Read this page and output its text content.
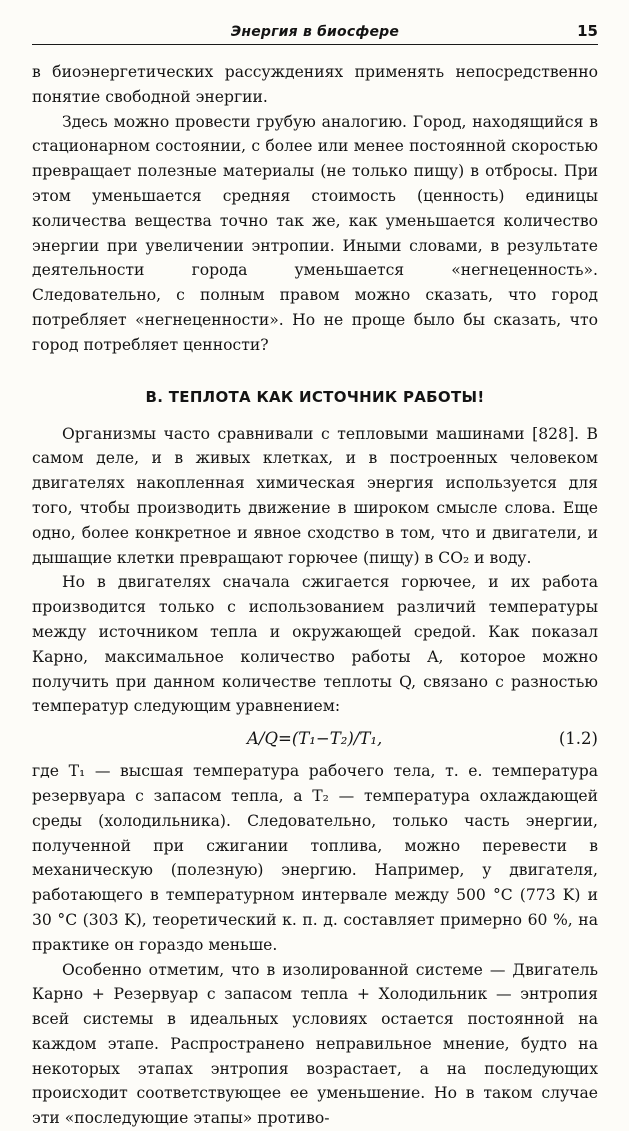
Энергия в биосфере	15

в биоэнергетических рассуждениях применять непосредственно понятие свободной энергии.

Здесь можно провести грубую аналогию. Город, находящийся в стационарном состоянии, с более или менее постоянной скоростью превращает полезные материалы (не только пищу) в отбросы. При этом уменьшается средняя стоимость (ценность) единицы количества вещества точно так же, как уменьшается количество энергии при увеличении энтропии. Иными словами, в результате деятельности города уменьшается «негнеценность». Следовательно, с полным правом можно сказать, что город потребляет «негнеценности». Но не проще было бы сказать, что город потребляет ценности?

В. ТЕПЛОТА КАК ИСТОЧНИК РАБОТЫ!

Организмы часто сравнивали с тепловыми машинами [828]. В самом деле, и в живых клетках, и в построенных человеком двигателях накопленная химическая энергия используется для того, чтобы производить движение в широком смысле слова. Еще одно, более конкретное и явное сходство в том, что и двигатели, и дышащие клетки превращают горючее (пищу) в CO₂ и воду.

Но в двигателях сначала сжигается горючее, и их работа производится только с использованием различий температуры между источником тепла и окружающей средой. Как показал Карно, максимальное количество работы A, которое можно получить при данном количестве теплоты Q, связано с разностью температур следующим уравнением:

A/Q=(T₁−T₂)/T₁,	(1.2)

где T₁ — высшая температура рабочего тела, т. е. температура резервуара с запасом тепла, а T₂ — температура охлаждающей среды (холодильника). Следовательно, только часть энергии, полученной при сжигании топлива, можно перевести в механическую (полезную) энергию. Например, у двигателя, работающего в температурном интервале между 500 °C (773 K) и 30 °C (303 K), теоретический к. п. д. составляет примерно 60 %, на практике он гораздо меньше.

Особенно отметим, что в изолированной системе — Двигатель Карно + Резервуар с запасом тепла + Холодильник — энтропия всей системы в идеальных условиях остается постоянной на каждом этапе. Распространено неправильное мнение, будто на некоторых этапах энтропия возрастает, а на последующих происходит соответствующее ее уменьшение. Но в таком случае эти «последующие этапы» противо-
